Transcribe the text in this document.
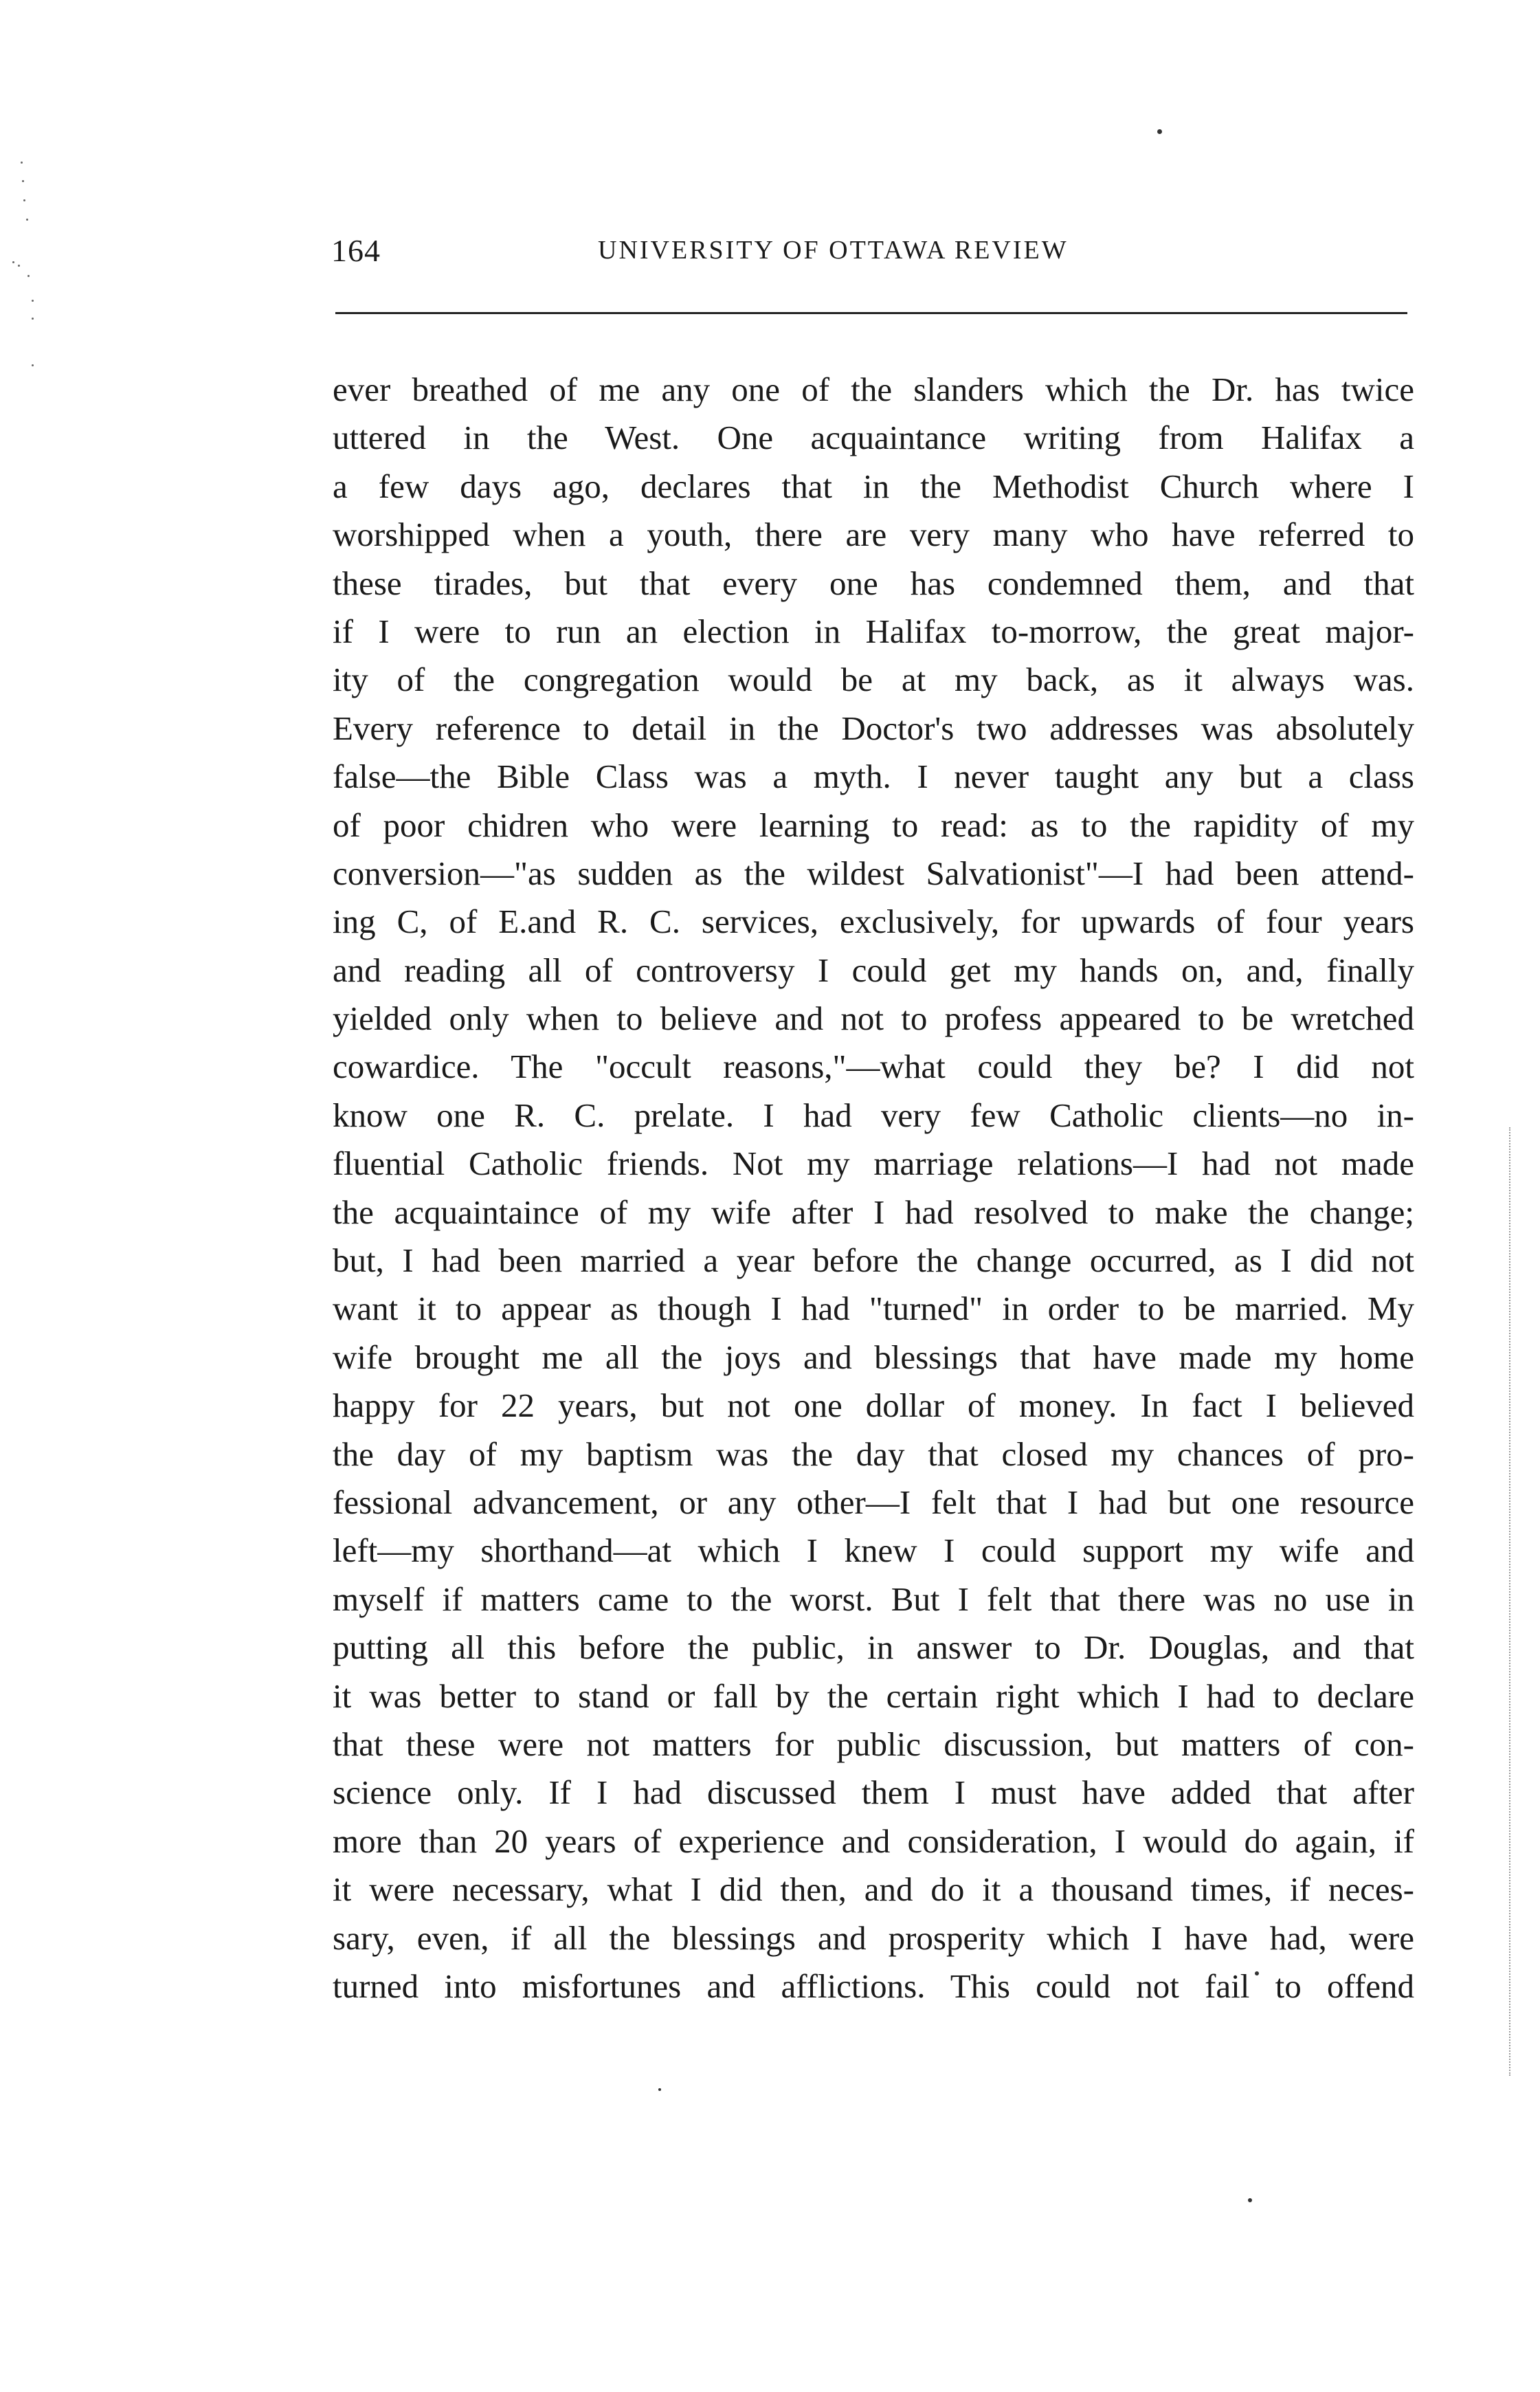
164	UNIVERSITY OF OTTAWA REVIEW
ever breathed of me any one of the slanders which the Dr. has twice
uttered in the West. One acquaintance writing from Halifax a
a few days ago, declares that in the Methodist Church where I
worshipped when a youth, there are very many who have referred to
these tirades, but that every one has condemned them, and that
if I were to run an election in Halifax to-morrow, the great major-
ity of the congregation would be at my back, as it always was.
Every reference to detail in the Doctor's two addresses was absolutely
false—the Bible Class was a myth. I never taught any but a class
of poor chidren who were learning to read: as to the rapidity of my
conversion—"as sudden as the wildest Salvationist"—I had been attend-
ing C, of E.and R. C. services, exclusively, for upwards of four years
and reading all of controversy I could get my hands on, and, finally
yielded only when to believe and not to profess appeared to be wretched
cowardice. The "occult reasons,"—what could they be? I did not
know one R. C. prelate. I had very few Catholic clients—no in-
fluential Catholic friends. Not my marriage relations—I had not made
the acquaintaince of my wife after I had resolved to make the change;
but, I had been married a year before the change occurred, as I did not
want it to appear as though I had "turned" in order to be married. My
wife brought me all the joys and blessings that have made my home
happy for 22 years, but not one dollar of money. In fact I believed
the day of my baptism was the day that closed my chances of pro-
fessional advancement, or any other—I felt that I had but one resource
left—my shorthand—at which I knew I could support my wife and
myself if matters came to the worst. But I felt that there was no use in
putting all this before the public, in answer to Dr. Douglas, and that
it was better to stand or fall by the certain right which I had to declare
that these were not matters for public discussion, but matters of con-
science only. If I had discussed them I must have added that after
more than 20 years of experience and consideration, I would do again, if
it were necessary, what I did then, and do it a thousand times, if neces-
sary, even, if all the blessings and prosperity which I have had, were
turned into misfortunes and afflictions. This could not fail to offend
